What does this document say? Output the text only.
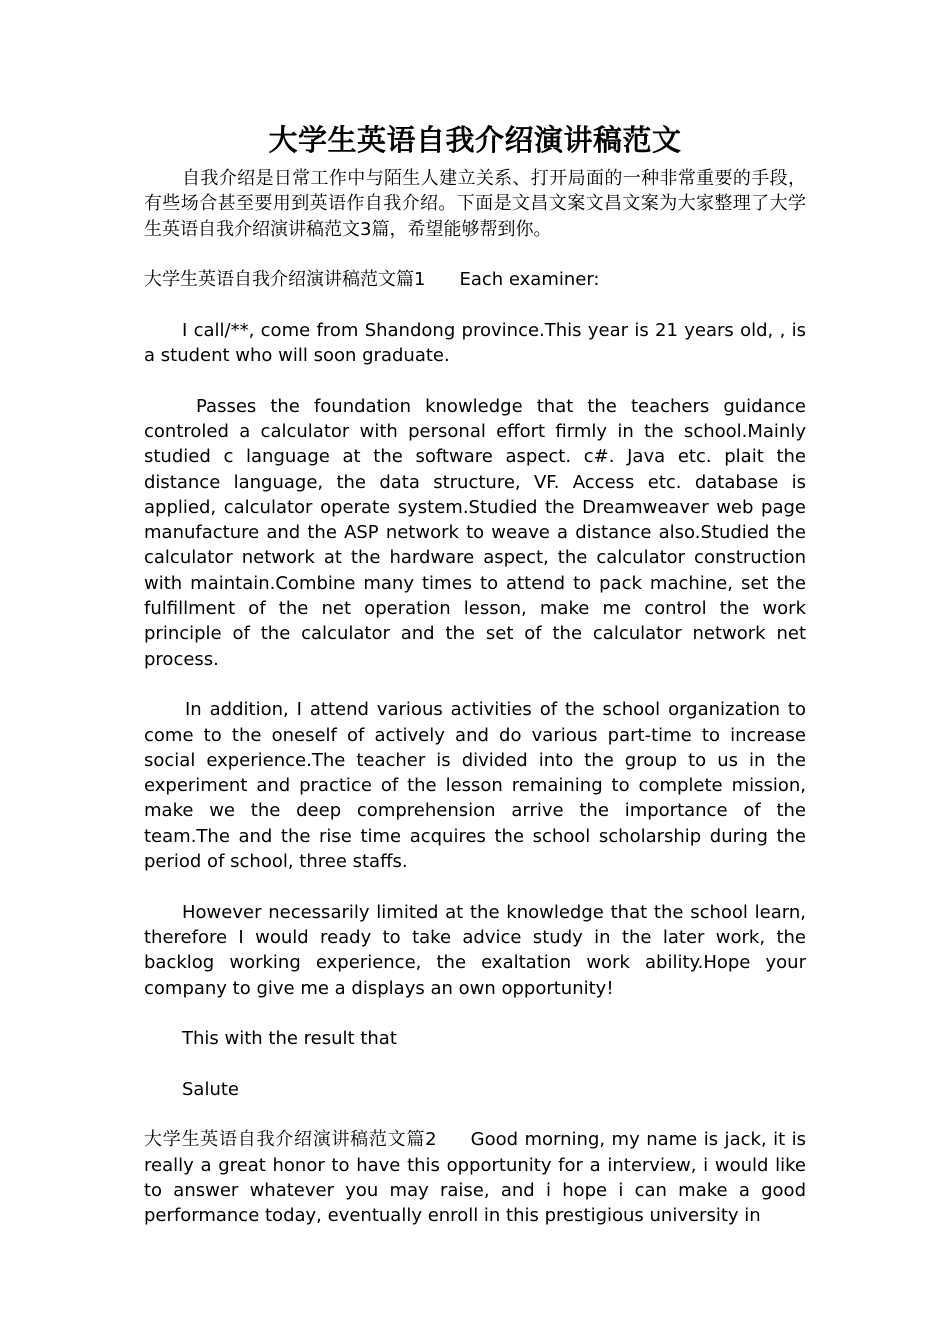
大学生英语自我介绍演讲稿范文

自我介绍是日常工作中与陌生人建立关系、打开局面的一种非常重要的手段，有些场合甚至要用到英语作自我介绍。下面是文昌文案文昌文案为大家整理了大学生英语自我介绍演讲稿范文3篇，希望能够帮到你。

大学生英语自我介绍演讲稿范文篇1 Each examiner:

I call/**, come from Shandong province.This year is 21 years old, , is a student who will soon graduate.

Passes the foundation knowledge that the teachers guidance controled a calculator with personal effort firmly in the school.Mainly studied c language at the software aspect. c#. Java etc. plait the distance language, the data structure, VF. Access etc. database is applied, calculator operate system.Studied the Dreamweaver web page manufacture and the ASP network to weave a distance also.Studied the calculator network at the hardware aspect, the calculator construction with maintain.Combine many times to attend to pack machine, set the fulfillment of the net operation lesson, make me control the work principle of the calculator and the set of the calculator network net process.

In addition, I attend various activities of the school organization to come to the oneself of actively and do various part-time to increase social experience.The teacher is divided into the group to us in the experiment and practice of the lesson remaining to complete mission, make we the deep comprehension arrive the importance of the team.The and the rise time acquires the school scholarship during the period of school, three staffs.

However necessarily limited at the knowledge that the school learn, therefore I would ready to take advice study in the later work, the backlog working experience, the exaltation work ability.Hope your company to give me a displays an own opportunity!

This with the result that

Salute

大学生英语自我介绍演讲稿范文篇2 Good morning, my name is jack, it is really a great honor to have this opportunity for a interview, i would like to answer whatever you may raise, and i hope i can make a good performance today, eventually enroll in this prestigious university in
